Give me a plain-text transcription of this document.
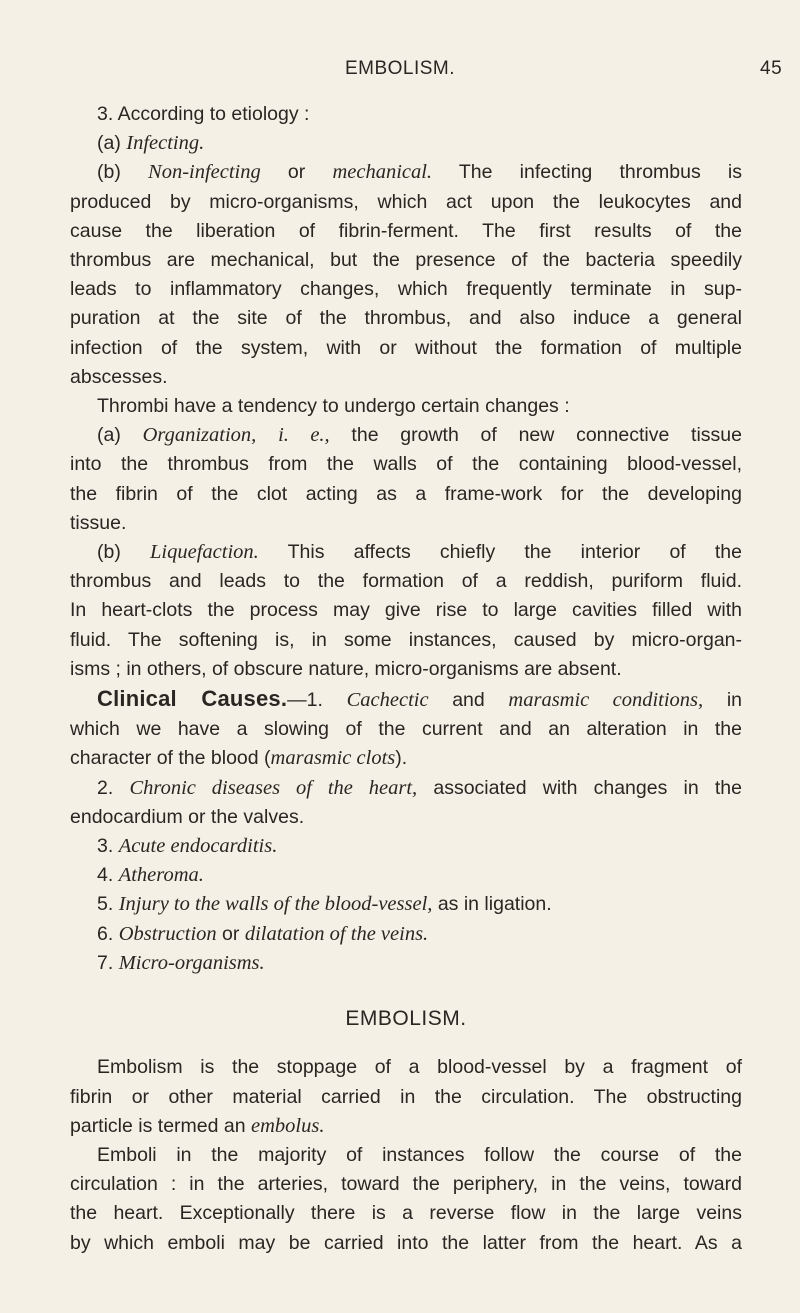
EMBOLISM.	45
3. According to etiology :
(a) Infecting.
(b) Non-infecting or mechanical. The infecting thrombus is
produced by micro-organisms, which act upon the leukocytes and
cause the liberation of fibrin-ferment. The first results of the
thrombus are mechanical, but the presence of the bacteria speedily
leads to inflammatory changes, which frequently terminate in sup-
puration at the site of the thrombus, and also induce a general
infection of the system, with or without the formation of multiple
abscesses.
Thrombi have a tendency to undergo certain changes :
(a) Organization, i. e., the growth of new connective tissue
into the thrombus from the walls of the containing blood-vessel,
the fibrin of the clot acting as a frame-work for the developing
tissue.
(b) Liquefaction. This affects chiefly the interior of the
thrombus and leads to the formation of a reddish, puriform fluid.
In heart-clots the process may give rise to large cavities filled with
fluid. The softening is, in some instances, caused by micro-organ-
isms ; in others, of obscure nature, micro-organisms are absent.
Clinical Causes.—1. Cachectic and marasmic conditions, in
which we have a slowing of the current and an alteration in the
character of the blood (marasmic clots).
2. Chronic diseases of the heart, associated with changes in the
endocardium or the valves.
3. Acute endocarditis.
4. Atheroma.
5. Injury to the walls of the blood-vessel, as in ligation.
6. Obstruction or dilatation of the veins.
7. Micro-organisms.
EMBOLISM.
Embolism is the stoppage of a blood-vessel by a fragment of
fibrin or other material carried in the circulation. The obstructing
particle is termed an embolus.
Emboli in the majority of instances follow the course of the
circulation : in the arteries, toward the periphery, in the veins, toward
the heart. Exceptionally there is a reverse flow in the large veins
by which emboli may be carried into the latter from the heart. As a
